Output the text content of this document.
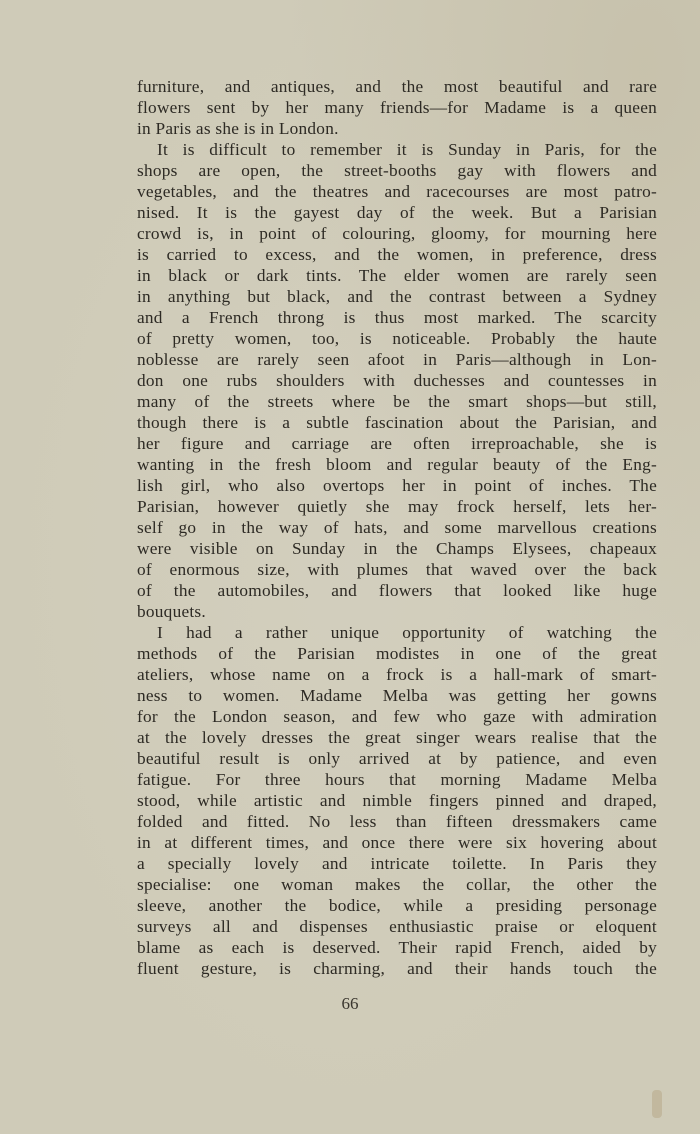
furniture, and antiques, and the most beautiful and rare
flowers sent by her many friends—for Madame is a queen
in Paris as she is in London.
It is difficult to remember it is Sunday in Paris, for the
shops are open, the street-booths gay with flowers and
vegetables, and the theatres and racecourses are most patro-
nised. It is the gayest day of the week. But a Parisian
crowd is, in point of colouring, gloomy, for mourning here
is carried to excess, and the women, in preference, dress
in black or dark tints. The elder women are rarely seen
in anything but black, and the contrast between a Sydney
and a French throng is thus most marked. The scarcity
of pretty women, too, is noticeable. Probably the haute
noblesse are rarely seen afoot in Paris—although in Lon-
don one rubs shoulders with duchesses and countesses in
many of the streets where be the smart shops—but still,
though there is a subtle fascination about the Parisian, and
her figure and carriage are often irreproachable, she is
wanting in the fresh bloom and regular beauty of the Eng-
lish girl, who also overtops her in point of inches. The
Parisian, however quietly she may frock herself, lets her-
self go in the way of hats, and some marvellous creations
were visible on Sunday in the Champs Elysees, chapeaux
of enormous size, with plumes that waved over the back
of the automobiles, and flowers that looked like huge
bouquets.
I had a rather unique opportunity of watching the
methods of the Parisian modistes in one of the great
ateliers, whose name on a frock is a hall-mark of smart-
ness to women. Madame Melba was getting her gowns
for the London season, and few who gaze with admiration
at the lovely dresses the great singer wears realise that the
beautiful result is only arrived at by patience, and even
fatigue. For three hours that morning Madame Melba
stood, while artistic and nimble fingers pinned and draped,
folded and fitted. No less than fifteen dressmakers came
in at different times, and once there were six hovering about
a specially lovely and intricate toilette. In Paris they
specialise: one woman makes the collar, the other the
sleeve, another the bodice, while a presiding personage
surveys all and dispenses enthusiastic praise or eloquent
blame as each is deserved. Their rapid French, aided by
fluent gesture, is charming, and their hands touch the
66
